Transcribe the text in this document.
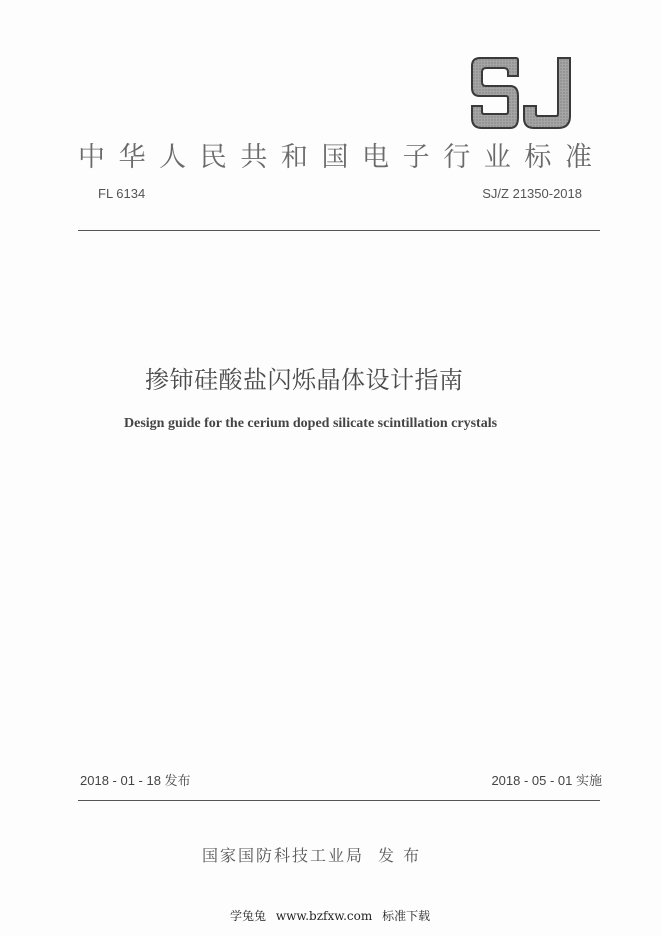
中 华 人 民 共 和 国 电 子 行 业 标 准
FL 6134	SJ/Z 21350-2018
掺铈硅酸盐闪烁晶体设计指南
Design guide for the cerium doped silicate scintillation crystals
2018 - 01 - 18 发布	2018 - 05 - 01 实施
国家国防科技工业局 发 布
学兔兔 www.bzfxw.com 标准下载
